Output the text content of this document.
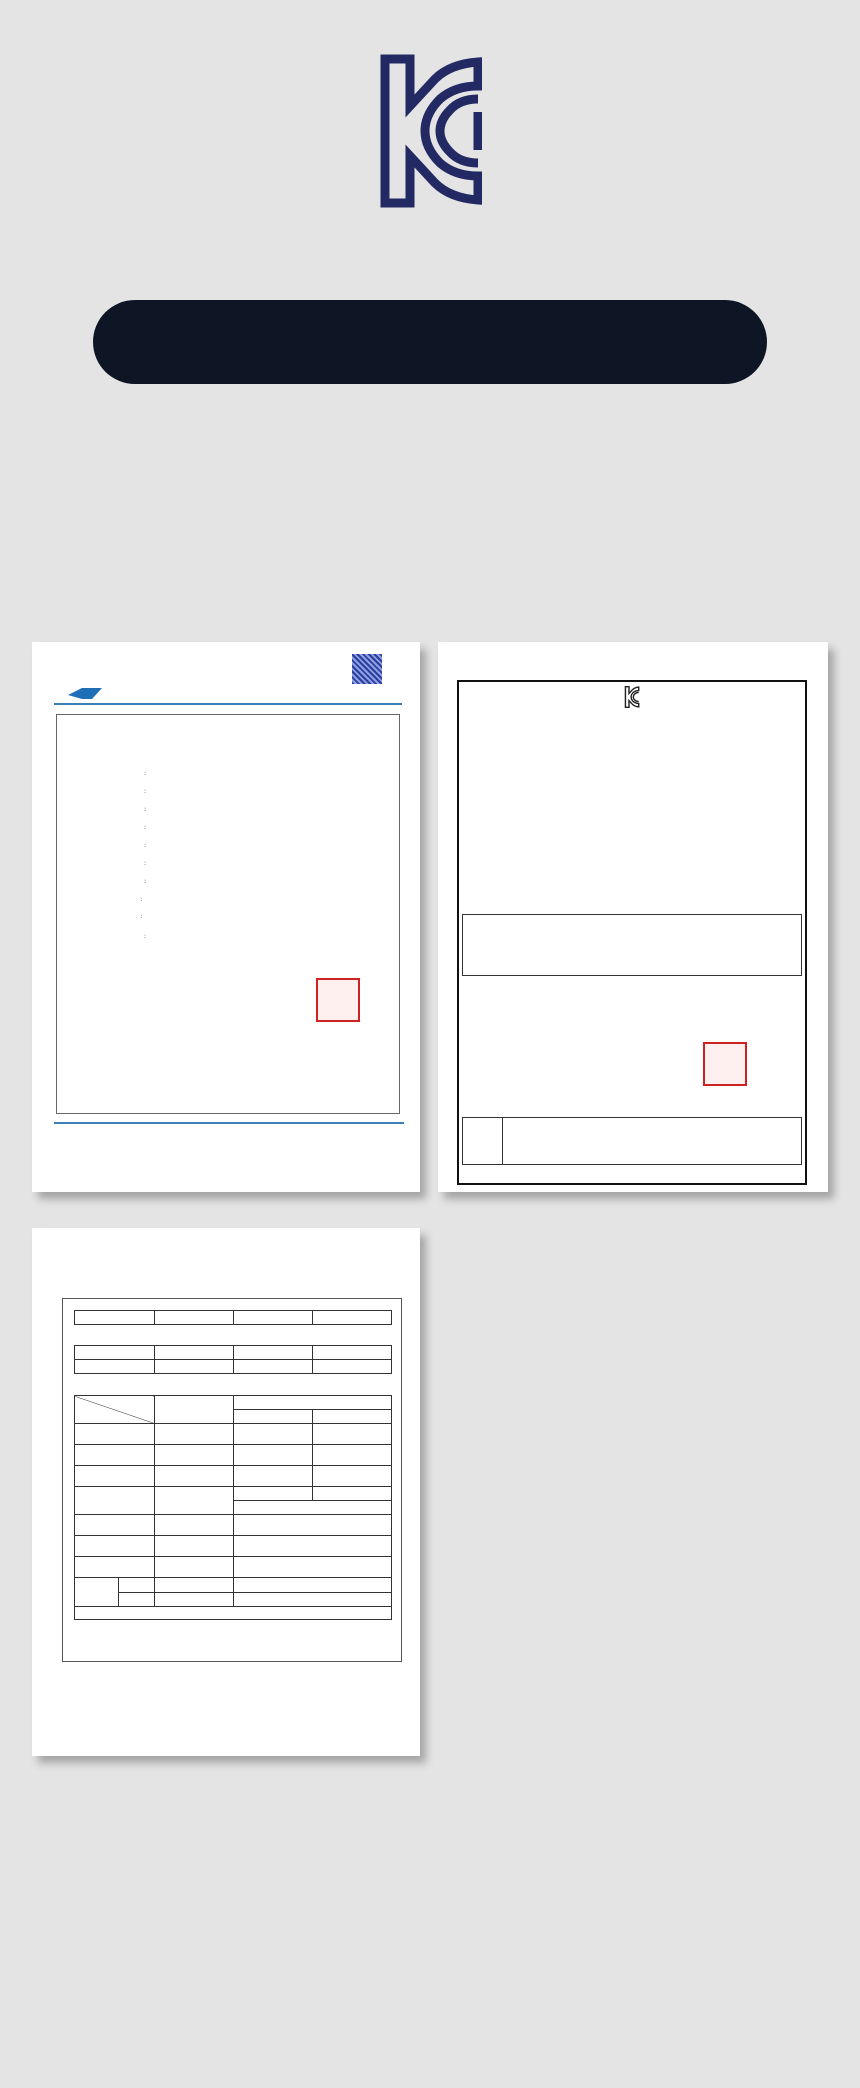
:
:
:
:
:
:
:
:
:
:
